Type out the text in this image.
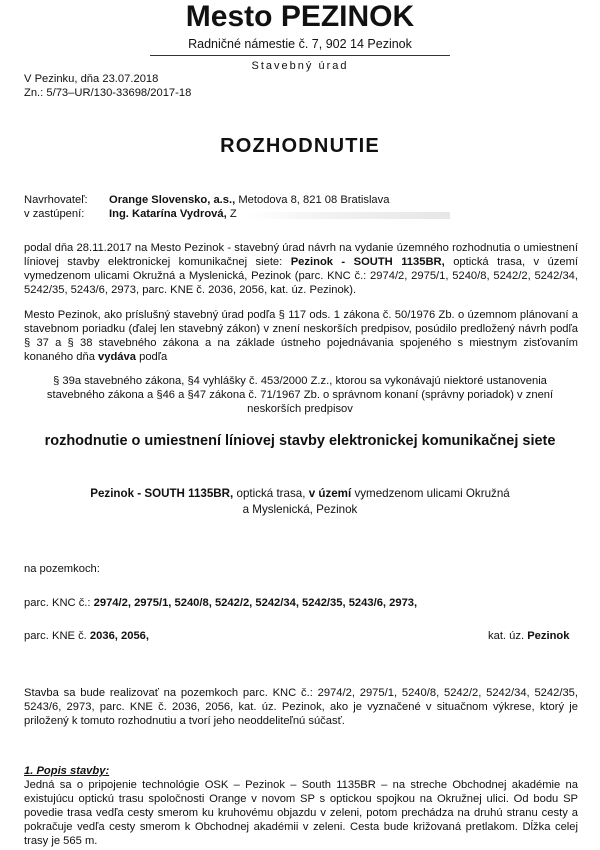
Mesto PEZINOK
Radničné námestie č. 7, 902 14 Pezinok
Stavebný úrad
V Pezinku, dňa 23.07.2018
Zn.: 5/73–UR/130-33698/2017-18
ROZHODNUTIE
Navrhovateľ: Orange Slovensko, a.s., Metodova 8, 821 08 Bratislava
v zastúpení: Ing. Katarína Vydrová, Z
podal dňa 28.11.2017 na Mesto Pezinok - stavebný úrad návrh na vydanie územného rozhodnutia o umiestnení líniovej stavby elektronickej komunikačnej siete: Pezinok - SOUTH 1135BR, optická trasa, v území vymedzenom ulicami Okružná a Myslenická, Pezinok (parc. KNC č.: 2974/2, 2975/1, 5240/8, 5242/2, 5242/34, 5242/35, 5243/6, 2973, parc. KNE č. 2036, 2056, kat. úz. Pezinok).
Mesto Pezinok, ako príslušný stavebný úrad podľa § 117 ods. 1 zákona č. 50/1976 Zb. o územnom plánovaní a stavebnom poriadku (ďalej len stavebný zákon) v znení neskorších predpisov, posúdilo predložený návrh podľa § 37 a § 38 stavebného zákona a na základe ústneho pojednávania spojeného s miestnym zisťovaním konaného dňa vydáva podľa
§ 39a stavebného zákona, §4 vyhlášky č. 453/2000 Z.z., ktorou sa vykonávajú niektoré ustanovenia stavebného zákona a §46 a §47 zákona č. 71/1967 Zb. o správnom konaní (správny poriadok) v znení neskorších predpisov
rozhodnutie o umiestnení líniovej stavby elektronickej komunikačnej siete
Pezinok - SOUTH 1135BR, optická trasa, v území vymedzenom ulicami Okružná
a Myslenická, Pezinok
na pozemkoch:
parc. KNC č.: 2974/2, 2975/1, 5240/8, 5242/2, 5242/34, 5242/35, 5243/6, 2973,
parc. KNE č. 2036, 2056,	kat. úz. Pezinok
Stavba sa bude realizovať na pozemkoch parc. KNC č.: 2974/2, 2975/1, 5240/8, 5242/2, 5242/34, 5242/35, 5243/6, 2973, parc. KNE č. 2036, 2056, kat. úz. Pezinok, ako je vyznačené v situačnom výkrese, ktorý je priložený k tomuto rozhodnutiu a tvorí jeho neoddeliteľnú súčasť.
1. Popis stavby:
Jedná sa o pripojenie technológie OSK – Pezinok – South 1135BR – na streche Obchodnej akadémie na existujúcu optickú trasu spoločnosti Orange v novom SP s optickou spojkou na Okružnej ulici. Od bodu SP povedie trasa vedľa cesty smerom ku kruhovému objazdu v zeleni, potom prechádza na druhú stranu cesty a pokračuje vedľa cesty smerom k Obchodnej akadémii v zeleni. Cesta bude križovaná pretlakom. Dĺžka celej trasy je 565 m.
